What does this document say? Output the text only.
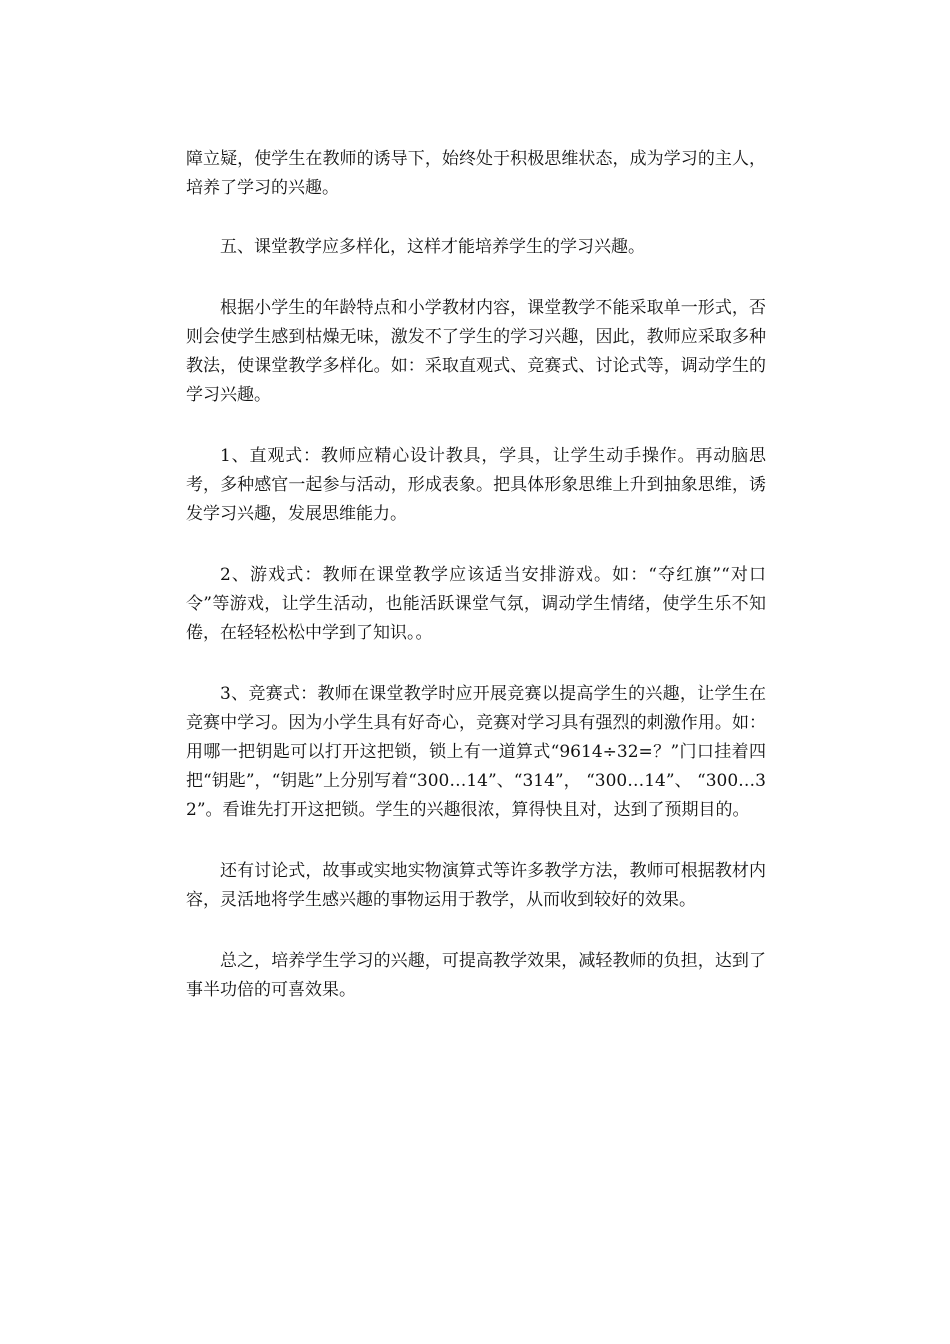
障立疑，使学生在教师的诱导下，始终处于积极思维状态，成为学习的主人，培养了学习的兴趣。

五、课堂教学应多样化，这样才能培养学生的学习兴趣。

根据小学生的年龄特点和小学教材内容，课堂教学不能采取单一形式，否则会使学生感到枯燥无味，激发不了学生的学习兴趣，因此，教师应采取多种教法，使课堂教学多样化。如：采取直观式、竞赛式、讨论式等，调动学生的学习兴趣。

1、直观式：教师应精心设计教具，学具，让学生动手操作。再动脑思考，多种感官一起参与活动，形成表象。把具体形象思维上升到抽象思维，诱发学习兴趣，发展思维能力。

2、游戏式：教师在课堂教学应该适当安排游戏。如：“夺红旗”“对口令”等游戏，让学生活动，也能活跃课堂气氛，调动学生情绪，使学生乐不知倦，在轻轻松松中学到了知识。。

3、竞赛式：教师在课堂教学时应开展竞赛以提高学生的兴趣，让学生在竞赛中学习。因为小学生具有好奇心，竞赛对学习具有强烈的刺激作用。如：用哪一把钥匙可以打开这把锁，锁上有一道算式“9614÷32=？”门口挂着四把“钥匙”，“钥匙”上分别写着“300…14”、“314”， “300…14”、 “300…32”。看谁先打开这把锁。学生的兴趣很浓，算得快且对，达到了预期目的。

还有讨论式，故事或实地实物演算式等许多教学方法，教师可根据教材内容，灵活地将学生感兴趣的事物运用于教学，从而收到较好的效果。

总之，培养学生学习的兴趣，可提高教学效果，减轻教师的负担，达到了事半功倍的可喜效果。
